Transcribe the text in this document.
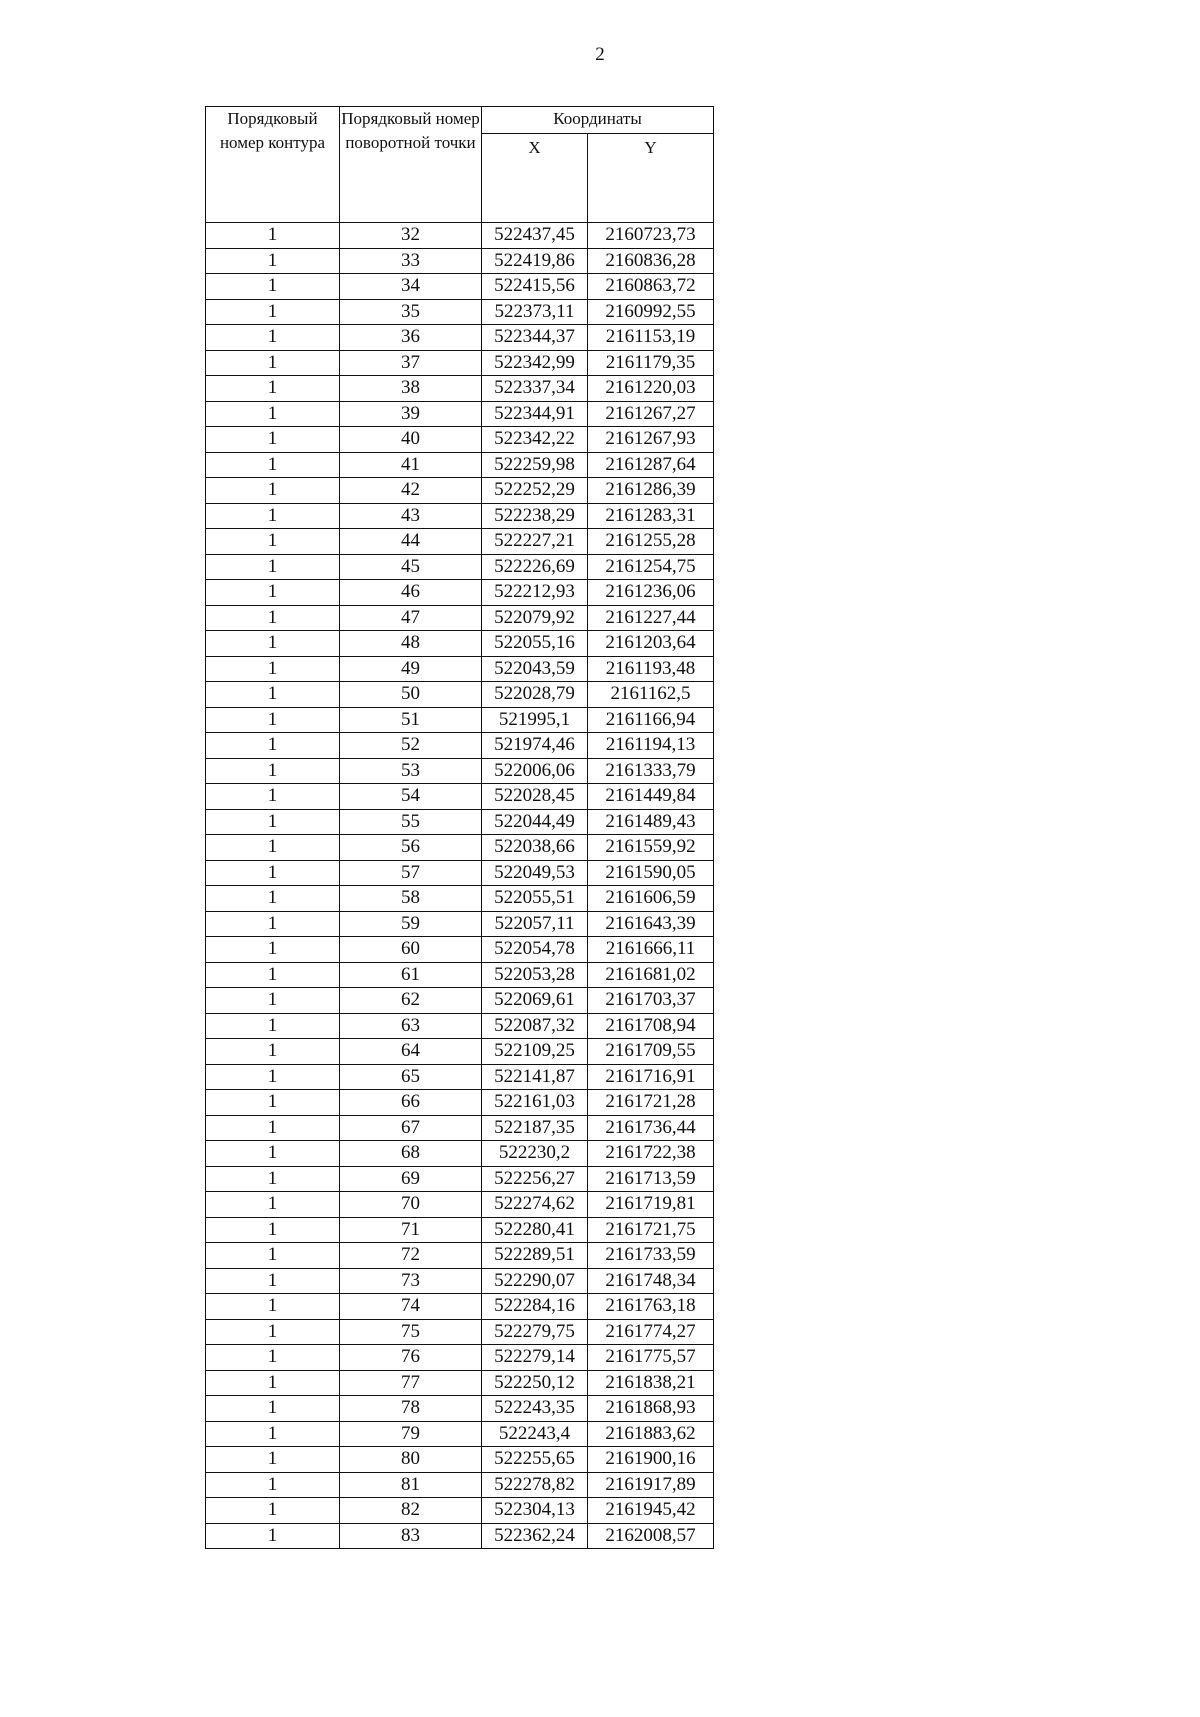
2
Порядковый номер контура	Порядковый номер поворотной точки	Координаты	
		X	Y
1	32	522437,45	2160723,73
1	33	522419,86	2160836,28
1	34	522415,56	2160863,72
1	35	522373,11	2160992,55
1	36	522344,37	2161153,19
1	37	522342,99	2161179,35
1	38	522337,34	2161220,03
1	39	522344,91	2161267,27
1	40	522342,22	2161267,93
1	41	522259,98	2161287,64
1	42	522252,29	2161286,39
1	43	522238,29	2161283,31
1	44	522227,21	2161255,28
1	45	522226,69	2161254,75
1	46	522212,93	2161236,06
1	47	522079,92	2161227,44
1	48	522055,16	2161203,64
1	49	522043,59	2161193,48
1	50	522028,79	2161162,5
1	51	521995,1	2161166,94
1	52	521974,46	2161194,13
1	53	522006,06	2161333,79
1	54	522028,45	2161449,84
1	55	522044,49	2161489,43
1	56	522038,66	2161559,92
1	57	522049,53	2161590,05
1	58	522055,51	2161606,59
1	59	522057,11	2161643,39
1	60	522054,78	2161666,11
1	61	522053,28	2161681,02
1	62	522069,61	2161703,37
1	63	522087,32	2161708,94
1	64	522109,25	2161709,55
1	65	522141,87	2161716,91
1	66	522161,03	2161721,28
1	67	522187,35	2161736,44
1	68	522230,2	2161722,38
1	69	522256,27	2161713,59
1	70	522274,62	2161719,81
1	71	522280,41	2161721,75
1	72	522289,51	2161733,59
1	73	522290,07	2161748,34
1	74	522284,16	2161763,18
1	75	522279,75	2161774,27
1	76	522279,14	2161775,57
1	77	522250,12	2161838,21
1	78	522243,35	2161868,93
1	79	522243,4	2161883,62
1	80	522255,65	2161900,16
1	81	522278,82	2161917,89
1	82	522304,13	2161945,42
1	83	522362,24	2162008,57
